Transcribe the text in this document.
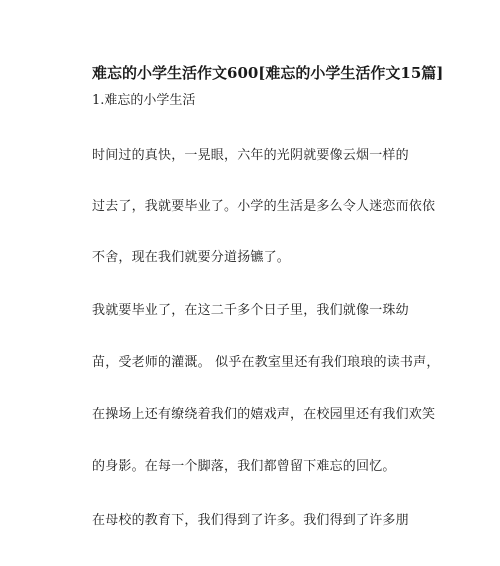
难忘的小学生活作文600[难忘的小学生活作文15篇]
1.难忘的小学生活
时间过的真快，一晃眼，六年的光阴就要像云烟一样的
过去了，我就要毕业了。小学的生活是多么令人迷恋而依依
不舍，现在我们就要分道扬镳了。
我就要毕业了，在这二千多个日子里，我们就像一珠幼
苗，受老师的灌溉。 似乎在教室里还有我们琅琅的读书声，
在操场上还有缭绕着我们的嬉戏声，在校园里还有我们欢笑
的身影。在每一个脚落，我们都曾留下难忘的回忆。
在母校的教育下，我们得到了许多。我们得到了许多朋
